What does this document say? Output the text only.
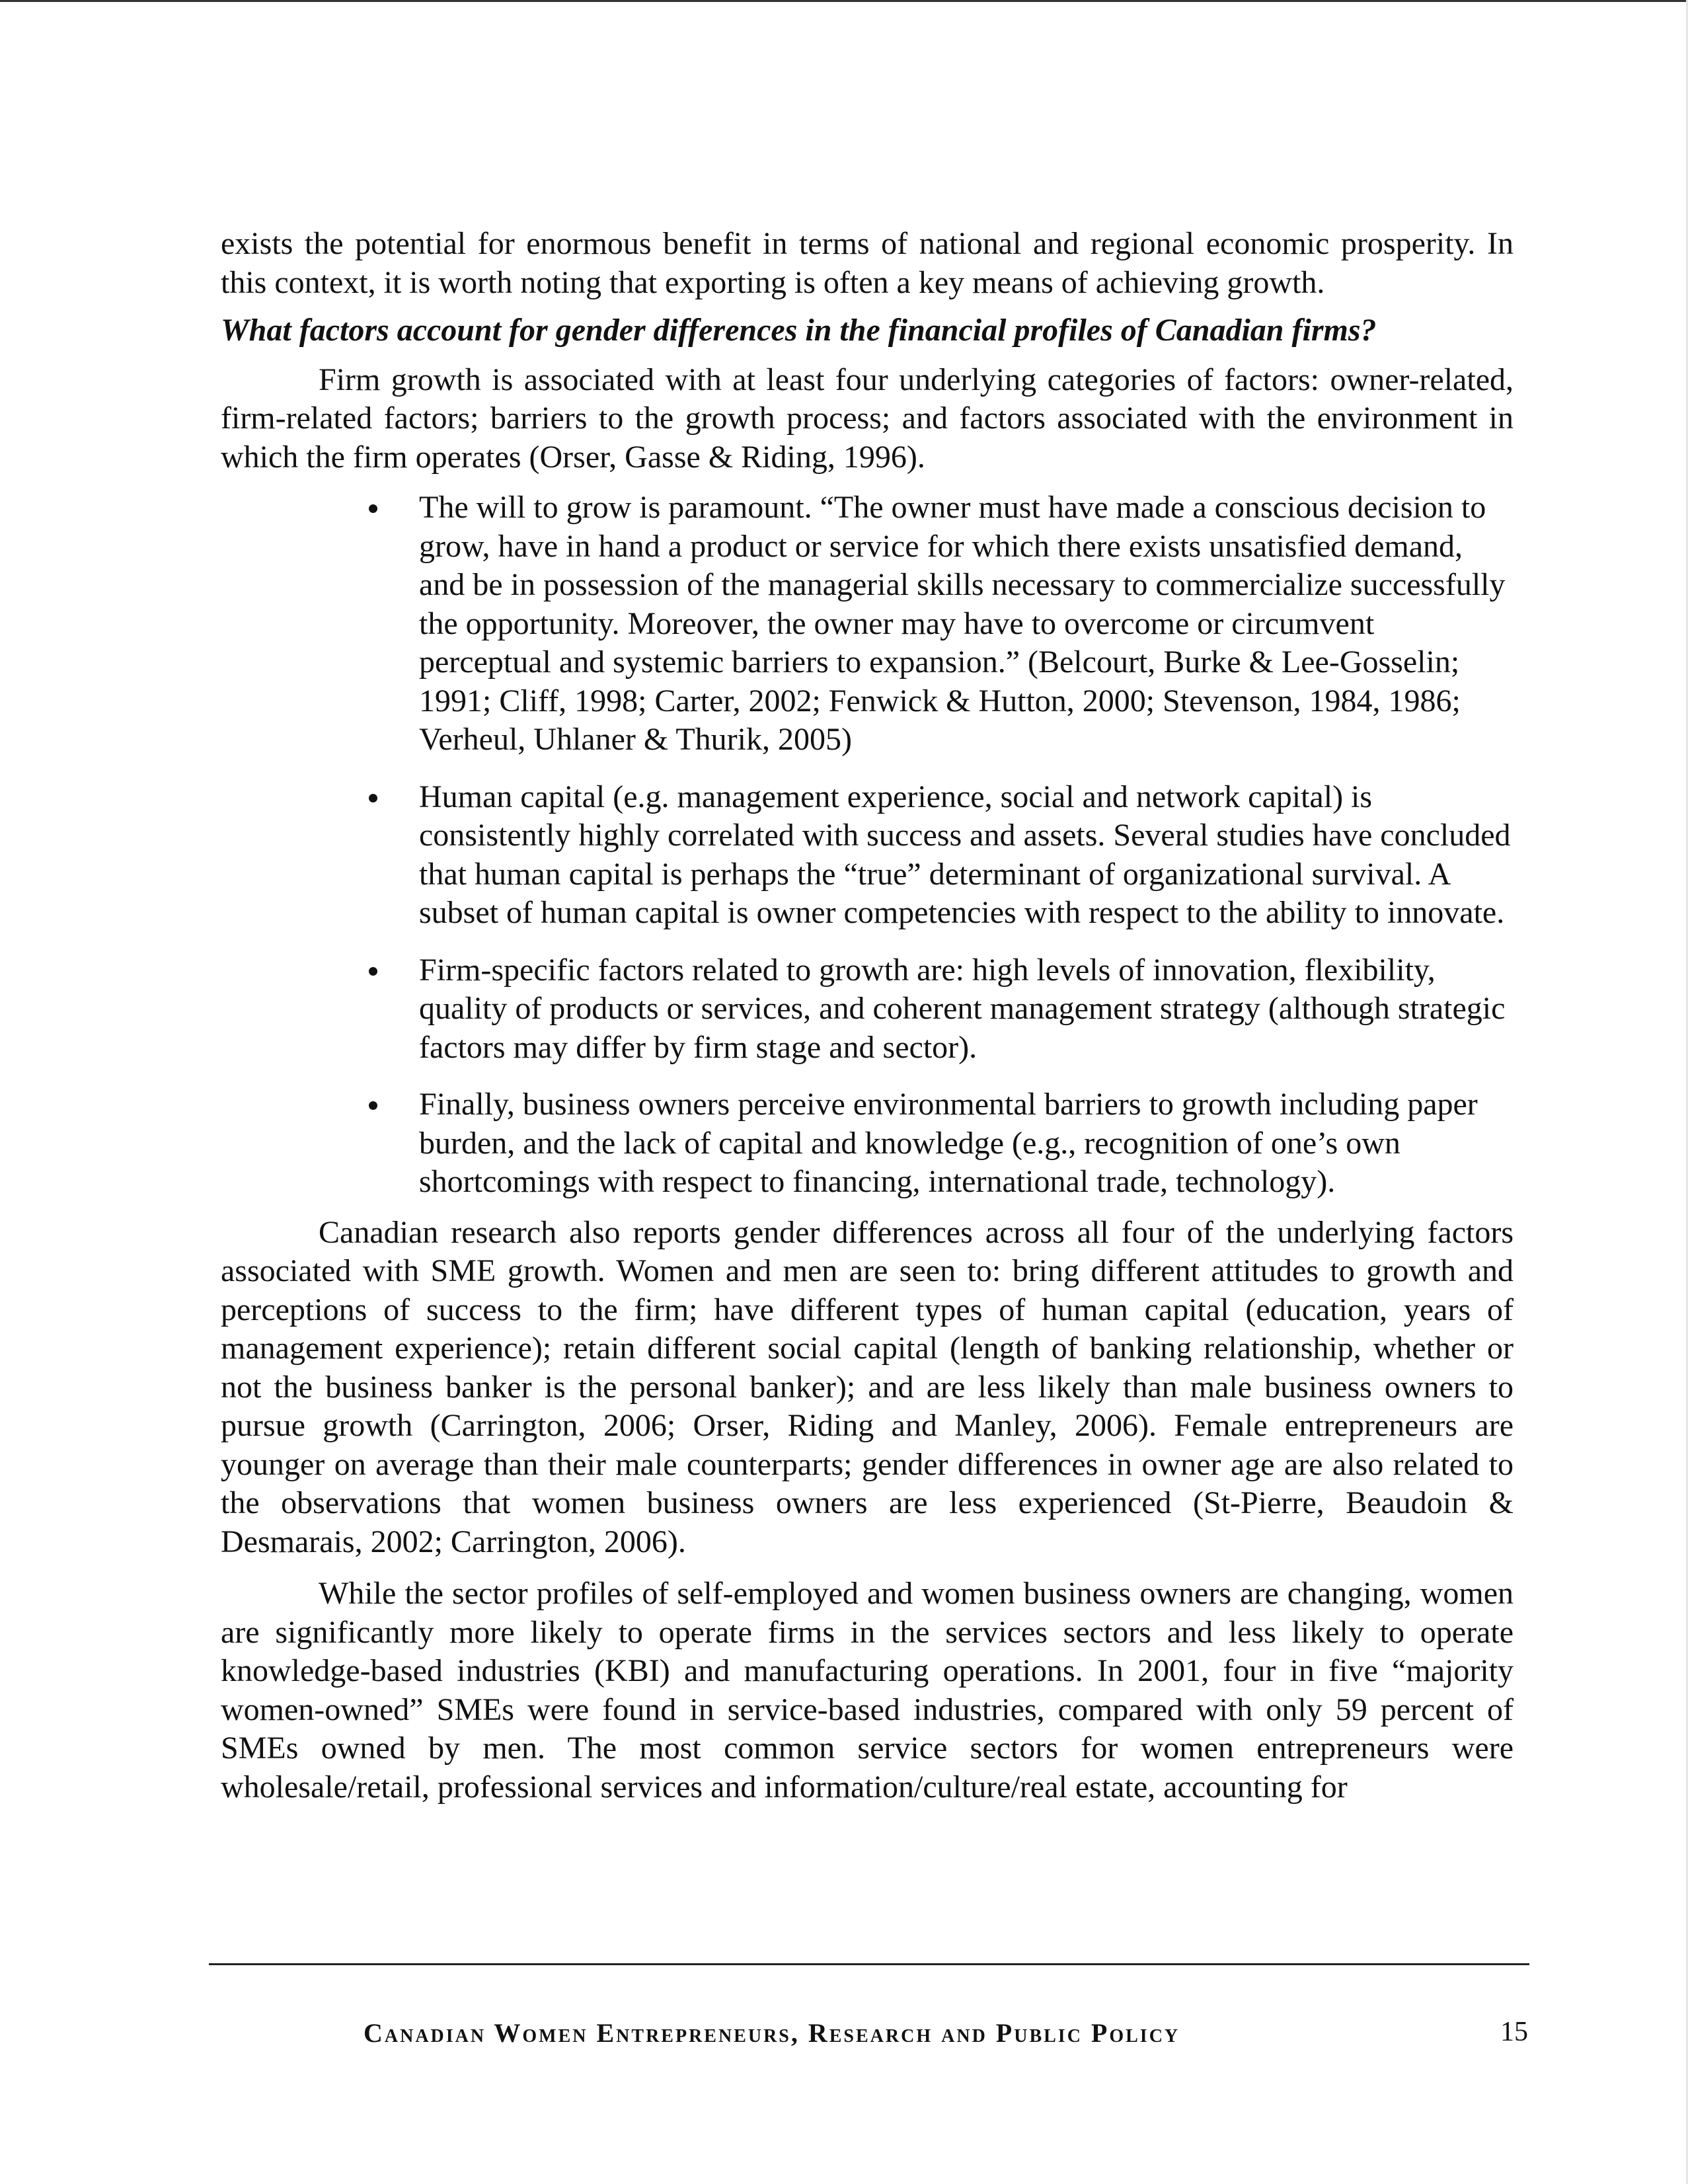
exists the potential for enormous benefit in terms of national and regional economic prosperity. In this context, it is worth noting that exporting is often a key means of achieving growth.

What factors account for gender differences in the financial profiles of Canadian firms?

Firm growth is associated with at least four underlying categories of factors: owner-related, firm-related factors; barriers to the growth process; and factors associated with the environment in which the firm operates (Orser, Gasse & Riding, 1996).

The will to grow is paramount. “The owner must have made a conscious decision to grow, have in hand a product or service for which there exists unsatisfied demand, and be in possession of the managerial skills necessary to commercialize successfully the opportunity. Moreover, the owner may have to overcome or circumvent perceptual and systemic barriers to expansion.” (Belcourt, Burke & Lee-Gosselin; 1991; Cliff, 1998; Carter, 2002; Fenwick & Hutton, 2000; Stevenson, 1984, 1986; Verheul, Uhlaner & Thurik, 2005)
Human capital (e.g. management experience, social and network capital) is consistently highly correlated with success and assets. Several studies have concluded that human capital is perhaps the “true” determinant of organizational survival. A subset of human capital is owner competencies with respect to the ability to innovate.
Firm-specific factors related to growth are: high levels of innovation, flexibility, quality of products or services, and coherent management strategy (although strategic factors may differ by firm stage and sector).
Finally, business owners perceive environmental barriers to growth including paper burden, and the lack of capital and knowledge (e.g., recognition of one’s own shortcomings with respect to financing, international trade, technology).

Canadian research also reports gender differences across all four of the underlying factors associated with SME growth. Women and men are seen to: bring different attitudes to growth and perceptions of success to the firm; have different types of human capital (education, years of management experience); retain different social capital (length of banking relationship, whether or not the business banker is the personal banker); and are less likely than male business owners to pursue growth (Carrington, 2006; Orser, Riding and Manley, 2006). Female entrepreneurs are younger on average than their male counterparts; gender differences in owner age are also related to the observations that women business owners are less experienced (St-Pierre, Beaudoin & Desmarais, 2002; Carrington, 2006).

While the sector profiles of self-employed and women business owners are changing, women are significantly more likely to operate firms in the services sectors and less likely to operate knowledge-based industries (KBI) and manufacturing operations. In 2001, four in five “majority women-owned” SMEs were found in service-based industries, compared with only 59 percent of SMEs owned by men. The most common service sectors for women entrepreneurs were wholesale/retail, professional services and information/culture/real estate, accounting for

Canadian Women Entrepreneurs, Research and Public Policy	15
